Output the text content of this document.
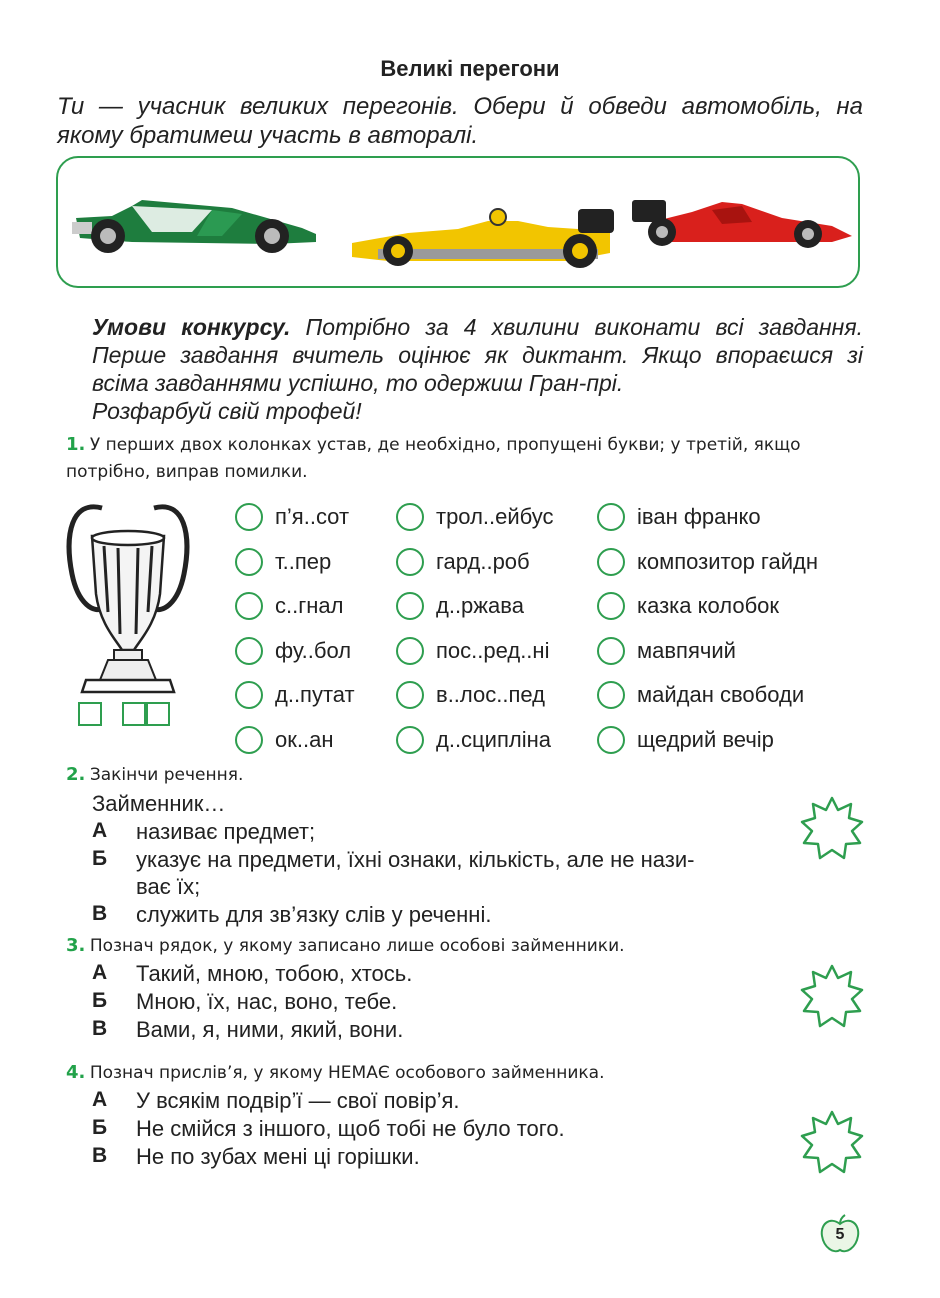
Великі перегони
Ти — учасник великих перегонів. Обери й обведи автомобіль, на якому братимеш участь в авторалі.
Умови конкурсу. Потрібно за 4 хвилини виконати всі завдання. Перше завдання вчитель оцінює як диктант. Якщо впораєшся зі всіма завданнями успішно, то одержиш Гран-прі.
Розфарбуй свій трофей!
1. У перших двох колонках устав, де необхідно, пропущені букви; у третій, якщо потрібно, виправ помилки.
п’я..сот
т..пер
с..гнал
фу..бол
д..путат
ок..ан
трол..ейбус
гард..роб
д..ржава
пос..ред..ні
в..лос..пед
д..сципліна
іван франко
композитор гайдн
казка колобок
мавпячий
майдан свободи
щедрий вечір
2. Закінчи речення.
Займенник…
А називає предмет;
Б указує на предмети, їхні ознаки, кількість, але не нази-
ває їх;
В служить для зв’язку слів у реченні.
3. Познач рядок, у якому записано лише особові займенники.
А Такий, мною, тобою, хтось.
Б Мною, їх, нас, воно, тебе.
В Вами, я, ними, який, вони.
4. Познач прислів’я, у якому НЕМАЄ особового займенника.
А У всякім подвір’ї — свої повір’я.
Б Не смійся з іншого, щоб тобі не було того.
В Не по зубах мені ці горішки.
5
